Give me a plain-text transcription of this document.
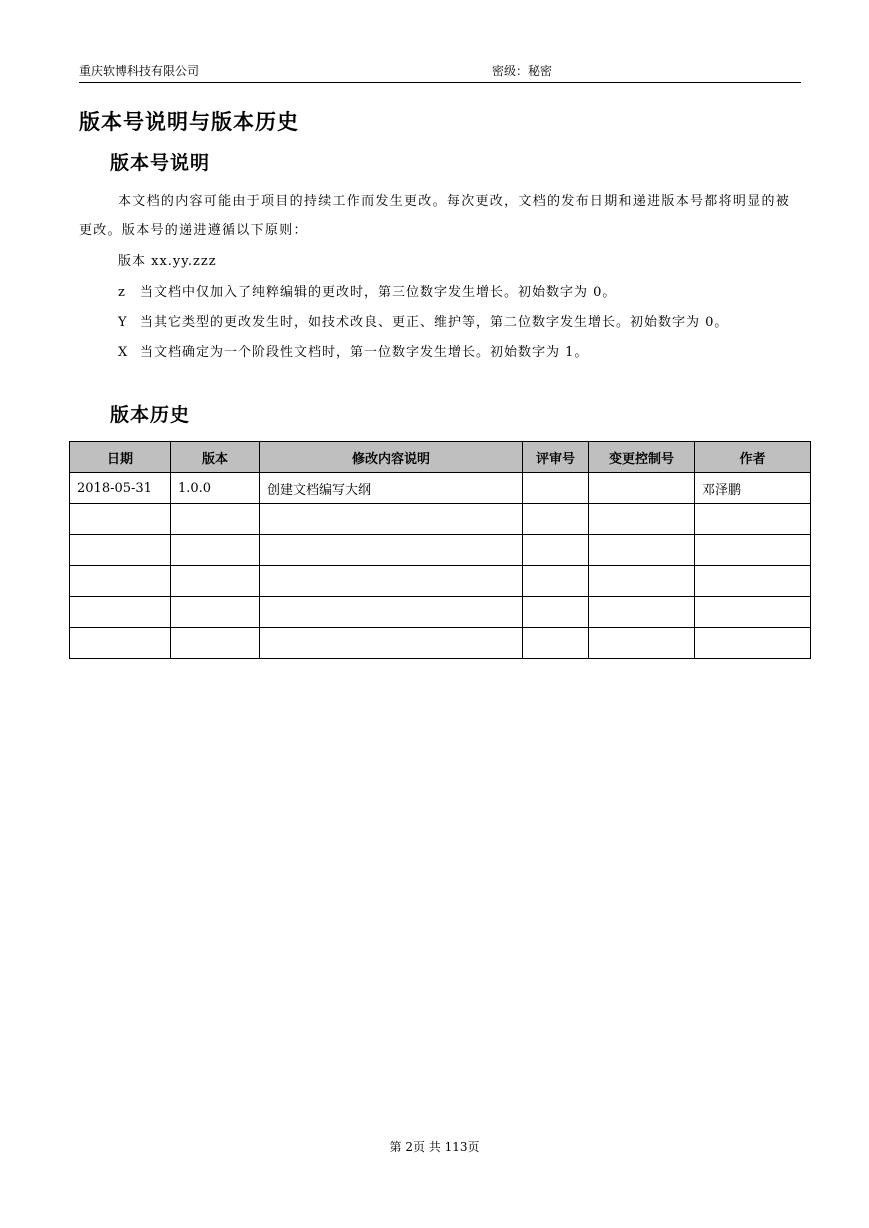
重庆软博科技有限公司	密级：秘密
版本号说明与版本历史
版本号说明

本文档的内容可能由于项目的持续工作而发生更改。每次更改，文档的发布日期和递进版本号都将明显的被更改。版本号的递进遵循以下原则：

版本 xx.yy.zzz
z 当文档中仅加入了纯粹编辑的更改时，第三位数字发生增长。初始数字为 0。
Y 当其它类型的更改发生时，如技术改良、更正、维护等，第二位数字发生增长。初始数字为 0。
X 当文档确定为一个阶段性文档时，第一位数字发生增长。初始数字为 1。
版本历史
日期	版本	修改内容说明	评审号	变更控制号	作者
2018-05-31	1.0.0	创建文档编写大纲			邓泽鹏

第 2页 共 113页
